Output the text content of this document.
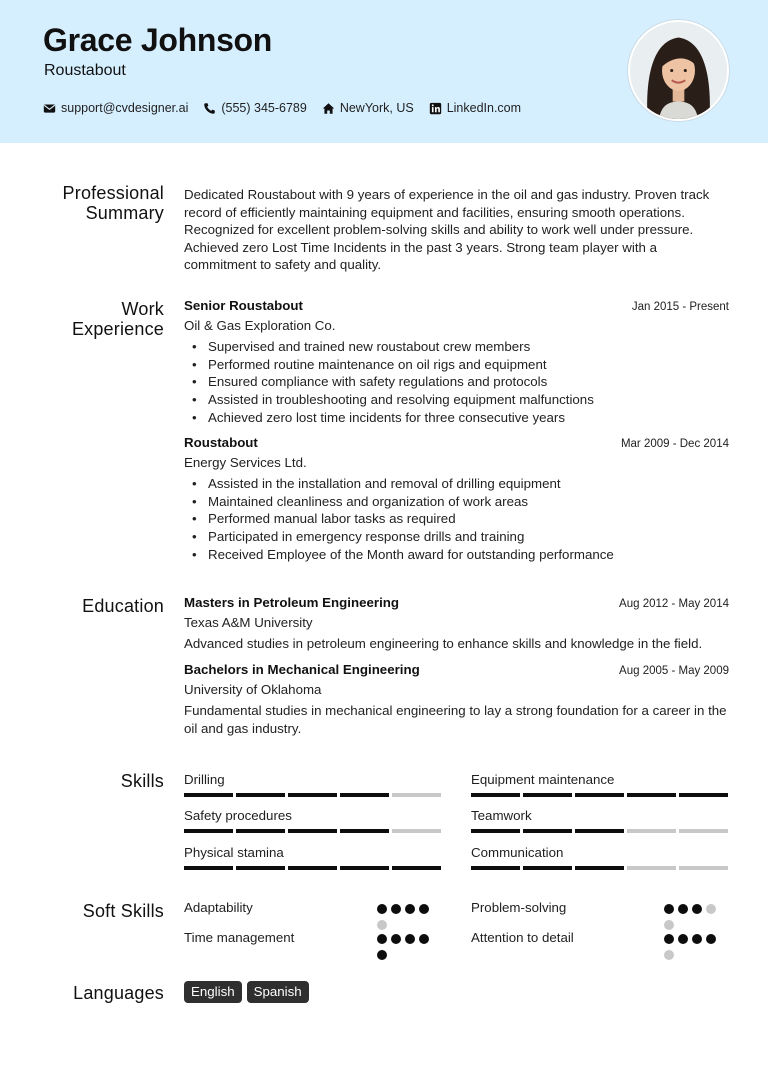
Grace Johnson
Roustabout
support@cvdesigner.ai	(555) 345-6789	NewYork, US	LinkedIn.com
Professional Summary
Dedicated Roustabout with 9 years of experience in the oil and gas industry. Proven track record of efficiently maintaining equipment and facilities, ensuring smooth operations. Recognized for excellent problem-solving skills and ability to work well under pressure. Achieved zero Lost Time Incidents in the past 3 years. Strong team player with a commitment to safety and quality.
Work Experience
Senior Roustabout	Jan 2015 - Present
Oil & Gas Exploration Co.
• Supervised and trained new roustabout crew members
• Performed routine maintenance on oil rigs and equipment
• Ensured compliance with safety regulations and protocols
• Assisted in troubleshooting and resolving equipment malfunctions
• Achieved zero lost time incidents for three consecutive years
Roustabout	Mar 2009 - Dec 2014
Energy Services Ltd.
• Assisted in the installation and removal of drilling equipment
• Maintained cleanliness and organization of work areas
• Performed manual labor tasks as required
• Participated in emergency response drills and training
• Received Employee of the Month award for outstanding performance
Education Masters in Petroleum Engineering	Aug 2012 - May 2014
Texas A&M University
Advanced studies in petroleum engineering to enhance skills and knowledge in the field.
Bachelors in Mechanical Engineering	Aug 2005 - May 2009
University of Oklahoma
Fundamental studies in mechanical engineering to lay a strong foundation for a career in the oil and gas industry.
Skills Drilling	Equipment maintenance
Safety procedures	Teamwork
Physical stamina	Communication
Soft Skills Adaptability	Problem-solving
Time management	Attention to detail
Languages	English	Spanish
